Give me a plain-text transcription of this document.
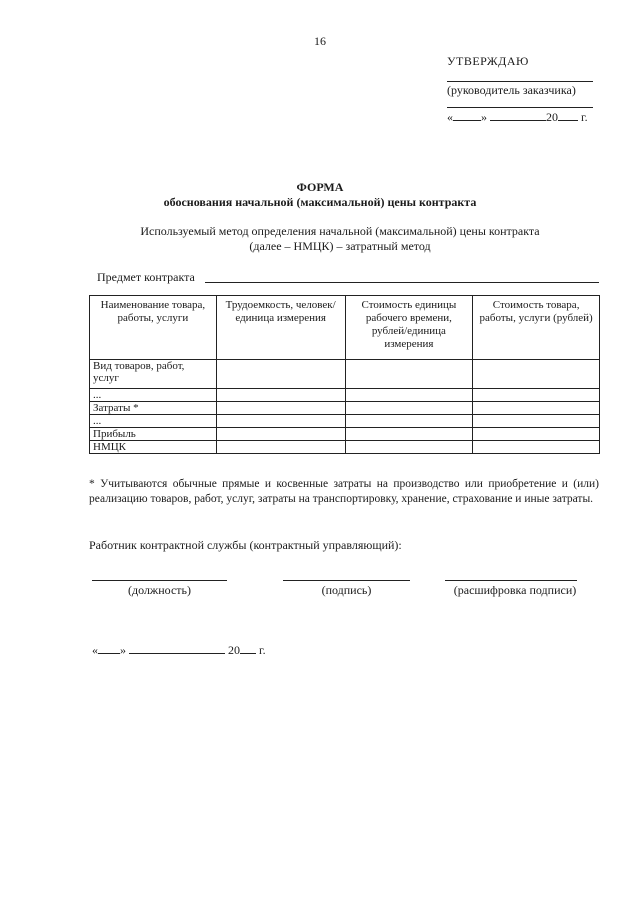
16
УТВЕРЖДАЮ
(руководитель заказчика)
« »	20 г.
ФОРМА
обоснования начальной (максимальной) цены контракта
Используемый метод определения начальной (максимальной) цены контракта
(далее – НМЦК) – затратный метод
Предмет контракта
Наименование товара, работы, услуги	Трудоемкость, человек/единица измерения	Стоимость единицы рабочего времени, рублей/единица измерения	Стоимость товара, работы, услуги (рублей)
Вид товаров, работ, услуг			
...			
Затраты *			
...			
Прибыль			
НМЦК			
* Учитываются обычные прямые и косвенные затраты на производство или приобретение и (или) реализацию товаров, работ, услуг, затраты на транспортировку, хранение, страхование и иные затраты.
Работник контрактной службы (контрактный управляющий):
(должность)	(подпись)	(расшифровка подписи)
« »	20 г.
